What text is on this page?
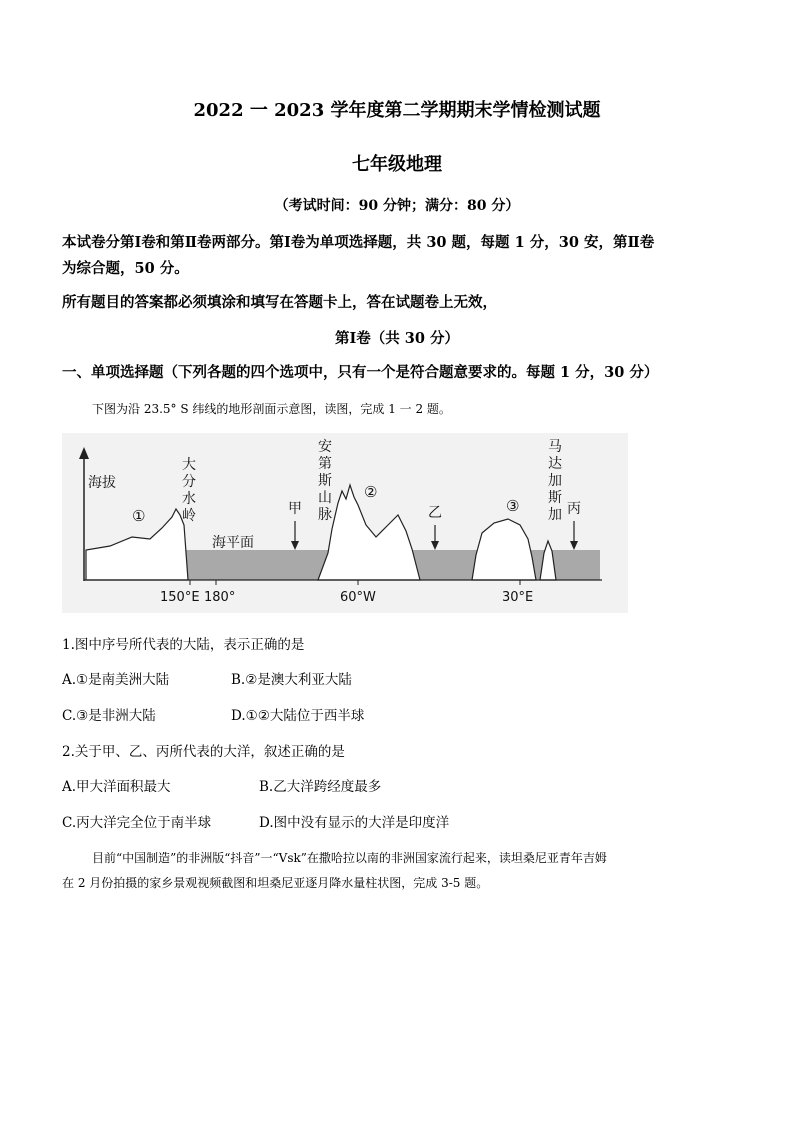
2022 一 2023 学年度第二学期期末学情检测试题
七年级地理
（考试时间：90 分钟；满分：80 分）
本试卷分第Ⅰ卷和第Ⅱ卷两部分。第Ⅰ卷为单项选择题，共 30 题，每题 1 分，30 安，第Ⅱ卷
为综合题，50 分。
所有题目的答案都必须填涂和填写在答题卡上，答在试题卷上无效，
第Ⅰ卷（共 30 分）
一、单项选择题（下列各题的四个选项中，只有一个是符合题意要求的。每题 1 分，30 分）
下图为沿 23.5° S 纬线的地形剖面示意图，读图，完成 1 一 2 题。
海拔
海平面
大
分
水
岭
安
第
斯
山
脉
马
达
加
斯
加
①
②
③
甲	乙	丙
150°E 180°	60°W	30°E
1.图中序号所代表的大陆，表示正确的是
A.①是南美洲大陆	B.②是澳大利亚大陆
C.③是非洲大陆	D.①②大陆位于西半球
2.关于甲、乙、丙所代表的大洋，叙述正确的是
A.甲大洋面积最大	B.乙大洋跨经度最多
C.丙大洋完全位于南半球	D.图中没有显示的大洋是印度洋
目前“中国制造”的非洲版“抖音”一“Vsk”在撒哈拉以南的非洲国家流行起来，读坦桑尼亚青年吉姆
在 2 月份拍摄的家乡景观视频截图和坦桑尼亚逐月降水量柱状图，完成 3-5 题。
